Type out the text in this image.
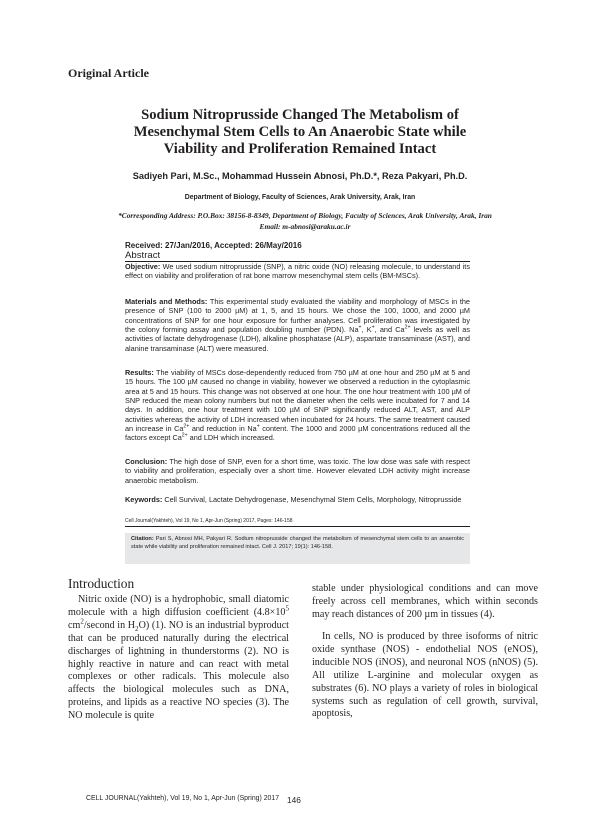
Original Article
Sodium Nitroprusside Changed The Metabolism of
Mesenchymal Stem Cells to An Anaerobic State while
Viability and Proliferation Remained Intact
Sadiyeh Pari, M.Sc., Mohammad Hussein Abnosi, Ph.D.*, Reza Pakyari, Ph.D.
Department of Biology, Faculty of Sciences, Arak University, Arak, Iran
*Corresponding Address: P.O.Box: 38156-8-8349, Department of Biology, Faculty of Sciences, Arak University, Arak, Iran
Email: m-abnosi@araku.ac.ir
Received: 27/Jan/2016, Accepted: 26/May/2016
Abstract
Objective: We used sodium nitroprusside (SNP), a nitric oxide (NO) releasing molecule, to understand its effect on viability and proliferation of rat bone marrow mesenchymal stem cells (BM-MSCs).
Materials and Methods: This experimental study evaluated the viability and morphology of MSCs in the presence of SNP (100 to 2000 µM) at 1, 5, and 15 hours. We chose the 100, 1000, and 2000 µM concentrations of SNP for one hour exposure for further analyses. Cell proliferation was investigated by the colony forming assay and population doubling number (PDN). Na+, K+, and $Ca^{2+}$ levels as well as activities of lactate dehydrogenase (LDH), alkaline phosphatase (ALP), aspartate transaminase (AST), and alanine transaminase (ALT) were measured.
Results: The viability of MSCs dose-dependently reduced from 750 µM at one hour and 250 µM at 5 and 15 hours. The 100 µM caused no change in viability, however we observed a reduction in the cytoplasmic area at 5 and 15 hours. This change was not observed at one hour. The one hour treatment with 100 µM of SNP reduced the mean colony numbers but not the diameter when the cells were incubated for 7 and 14 days. In addition, one hour treatment with 100 µM of SNP significantly reduced ALT, AST, and ALP activities whereas the activity of LDH increased when incubated for 24 hours. The same treatment caused an increase in $Ca^{2+}$ and reduction in Na+ content. The 1000 and 2000 µM concentrations reduced all the factors except $Ca^{2+}$ and LDH which increased.
Conclusion: The high dose of SNP, even for a short time, was toxic. The low dose was safe with respect to viability and proliferation, especially over a short time. However elevated LDH activity might increase anaerobic metabolism.
Keywords: Cell Survival, Lactate Dehydrogenase, Mesenchymal Stem Cells, Morphology, Nitroprusside
Cell Journal(Yakhteh), Vol 19, No 1, Apr-Jun (Spring) 2017, Pages: 146-158
Citation: Pari S, Abnosi MH, Pakyari R. Sodium nitroprusside changed the metabolism of mesenchymal stem cells to an anaerobic state while viability and proliferation remained intact. Cell J. 2017; 19(1): 146-158.
Introduction
Nitric oxide (NO) is a hydrophobic, small diatomic molecule with a high diffusion coefficient ($4.8\times 10^5$ $cm^2$/second in $H_2O$) (1). NO is an industrial byproduct that can be produced naturally during the electrical discharges of lightning in thunderstorms (2). NO is highly reactive in nature and can react with metal complexes or other radicals. This molecule also affects the biological molecules such as DNA, proteins, and lipids as a reactive NO species (3). The NO molecule is quite
stable under physiological conditions and can move freely across cell membranes, which within seconds may reach distances of 200 µm in tissues (4).
In cells, NO is produced by three isoforms of nitric oxide synthase (NOS) - endothelial NOS (eNOS), inducible NOS (iNOS), and neuronal NOS (nNOS) (5). All utilize L-arginine and molecular oxygen as substrates (6). NO plays a variety of roles in biological systems such as regulation of cell growth, survival, apoptosis,
CELL JOURNAL(Yakhteh), Vol 19, No 1, Apr-Jun (Spring) 2017 146
